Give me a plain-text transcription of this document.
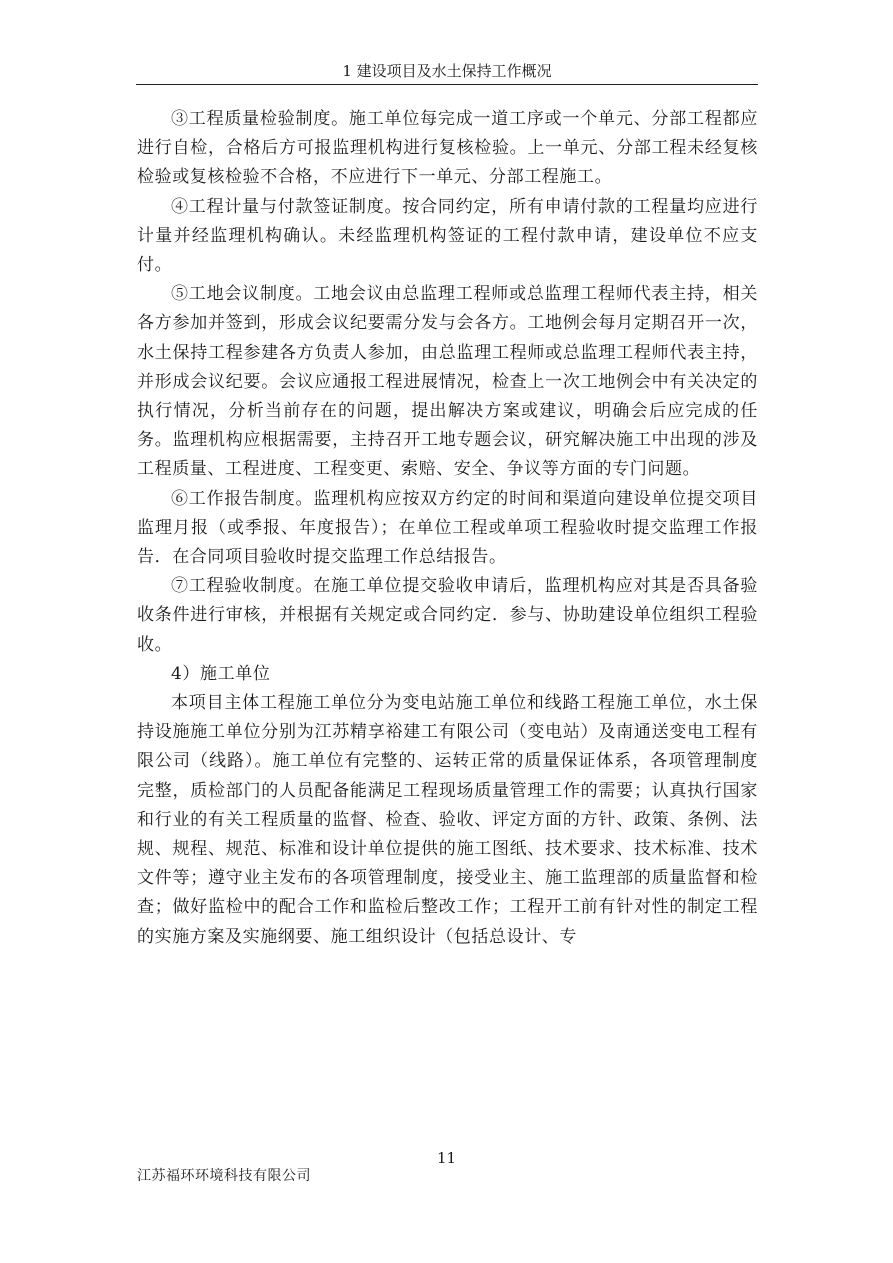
1 建设项目及水土保持工作概况

③工程质量检验制度。施工单位每完成一道工序或一个单元、分部工程都应进行自检，合格后方可报监理机构进行复核检验。上一单元、分部工程未经复核检验或复核检验不合格，不应进行下一单元、分部工程施工。

④工程计量与付款签证制度。按合同约定，所有申请付款的工程量均应进行计量并经监理机构确认。未经监理机构签证的工程付款申请，建设单位不应支付。

⑤工地会议制度。工地会议由总监理工程师或总监理工程师代表主持，相关各方参加并签到，形成会议纪要需分发与会各方。工地例会每月定期召开一次，水土保持工程参建各方负责人参加，由总监理工程师或总监理工程师代表主持，并形成会议纪要。会议应通报工程进展情况，检查上一次工地例会中有关决定的执行情况，分析当前存在的问题，提出解决方案或建议，明确会后应完成的任务。监理机构应根据需要，主持召开工地专题会议，研究解决施工中出现的涉及工程质量、工程进度、工程变更、索赔、安全、争议等方面的专门问题。

⑥工作报告制度。监理机构应按双方约定的时间和渠道向建设单位提交项目监理月报（或季报、年度报告）；在单位工程或单项工程验收时提交监理工作报告．在合同项目验收时提交监理工作总结报告。

⑦工程验收制度。在施工单位提交验收申请后，监理机构应对其是否具备验收条件进行审核，并根据有关规定或合同约定．参与、协助建设单位组织工程验收。

4）施工单位

本项目主体工程施工单位分为变电站施工单位和线路工程施工单位，水土保持设施施工单位分别为江苏精享裕建工有限公司（变电站）及南通送变电工程有限公司（线路）。施工单位有完整的、运转正常的质量保证体系，各项管理制度完整，质检部门的人员配备能满足工程现场质量管理工作的需要；认真执行国家和行业的有关工程质量的监督、检查、验收、评定方面的方针、政策、条例、法规、规程、规范、标准和设计单位提供的施工图纸、技术要求、技术标准、技术文件等；遵守业主发布的各项管理制度，接受业主、施工监理部的质量监督和检查；做好监检中的配合工作和监检后整改工作；工程开工前有针对性的制定工程的实施方案及实施纲要、施工组织设计（包括总设计、专

11
江苏福环环境科技有限公司
